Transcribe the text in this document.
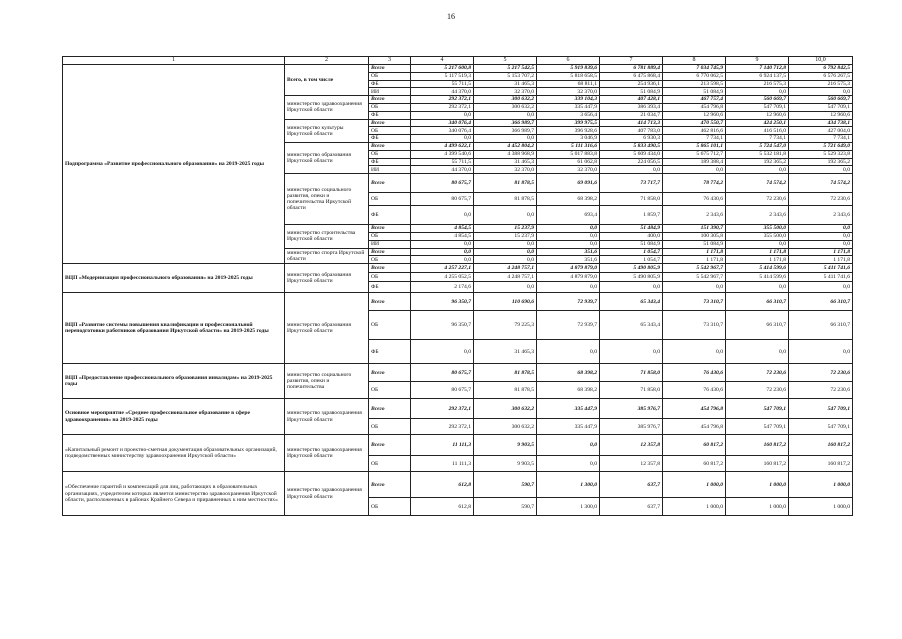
16
1	2	3	4	5	6	7	8	9	10,0
Подпрограмма «Развитие профессионального образования» на 2019-2025 годы	Всего, в том числе	Всего	5 217 600,8	5 217 542,5	5 919 839,6	6 781 889,4	7 034 745,9	7 140 712,8	6 792 842,5
		ОБ	5 117 519,3	5 153 707,2	5 818 658,5	6 475 868,4	6 770 062,5	6 924 137,5	6 576 267,5
		ФБ	55 711,5	31 465,3	68 811,1	254 936,1	213 598,5	216 575,3	216 575,3
		ИИ	44 370,0	32 370,0	32 370,0	51 084,9	51 084,9	0,0	0,0
	министерство здравоохранения Иркутской области	Всего	292 372,1	300 632,2	339 104,3	407 428,1	467 757,4	560 669,7	560 669,7
		ОБ	292 372,1	300 632,2	335 447,9	386 393,4	454 796,8	547 709,1	547 709,1
		ФБ	0,0	0,0	3 656,4	21 034,7	12 960,6	12 960,6	12 960,6
	министерство культуры Иркутской области	Всего	340 076,4	366 989,7	399 975,5	414 713,3	470 550,7	424 250,1	434 738,1
		ОБ	340 076,4	366 989,7	396 928,6	407 783,0	462 816,6	416 516,0	427 004,0
		ФБ	0,0	0,0	3 046,9	6 930,3	7 734,1	7 734,1	7 734,1
	министерство образования Иркутской области	Всего	4 499 622,1	4 452 804,2	5 111 316,6	5 833 490,5	5 865 101,1	5 724 547,0	5 721 649,0
		ОБ	4 399 540,6	4 388 968,9	5 017 883,8	5 609 434,0	5 675 712,7	5 532 181,8	5 529 323,8
		ФБ	55 711,5	31 465,3	61 062,8	224 056,5	189 388,4	192 365,2	192 365,2
		ИИ	44 370,0	32 370,0	32 370,0	0,0	0,0	0,0	0,0
	министерство социального развития, опеки и попечительства Иркутской области	Всего	80 675,7	81 878,5	69 091,6	73 717,7	78 774,2	74 574,2	74 574,2
		ОБ	80 675,7	81 878,5	68 398,2	71 858,0	76 430,6	72 230,6	72 230,6
		ФБ	0,0	0,0	693,4	1 859,7	2 343,6	2 343,6	2 343,6
	министерство строительства Иркутской области	Всего	4 854,5	15 237,9	0,0	51 484,9	151 390,7	355 500,0	0,0
		ОБ	4 854,5	15 237,9	0,0	400,0	100 305,8	355 500,0	0,0
		ИИ	0,0	0,0	0,0	51 084,9	51 084,9	0,0	0,0
	министерство спорта Иркутской области	Всего	0,0	0,0	351,6	1 054,7	1 171,8	1 171,8	1 171,8
		ОБ	0,0	0,0	351,6	1 054,7	1 171,8	1 171,8	1 171,8
ВЦП «Модернизация профессионального образования» на 2019-2025 годы	министерство образования Иркутской области	Всего	4 257 227,1	4 248 757,1	4 879 879,0	5 490 805,9	5 542 967,7	5 414 599,6	5 411 741,6
		ОБ	4 255 052,5	4 248 757,1	4 879 879,0	5 490 805,9	5 542 967,7	5 414 599,6	5 411 741,6
		ФБ	2 174,6	0,0	0,0	0,0	0,0	0,0	0,0
ВЦП «Развитие системы повышения квалификации и профессиональной переподготовки работников образования Иркутской области» на 2019-2025 годы	министерство образования Иркутской области	Всего	96 350,7	110 690,6	72 939,7	65 343,4	73 310,7	66 310,7	66 310,7
		ОБ	96 350,7	79 225,3	72 939,7	65 343,4	73 310,7	66 310,7	66 310,7
		ФБ	0,0	31 465,3	0,0	0,0	0,0	0,0	0,0
ВЦП «Предоставление профессионального образования инвалидам» на 2019-2025 годы	министерство социального развития, опеки и попечительства	Всего	80 675,7	81 878,5	68 398,2	71 858,0	76 430,6	72 230,6	72 230,6
		ОБ	80 675,7	81 878,5	68 398,2	71 858,0	76 430,6	72 230,6	72 230,6
Основное мероприятие «Среднее профессиональное образование в сфере здравоохранения» на 2019-2025 годы	министерство здравоохранения Иркутской области	Всего	292 372,1	300 632,2	335 447,9	385 976,7	454 796,8	547 709,1	547 709,1
		ОБ	292 372,1	300 632,2	335 447,9	385 976,7	454 796,8	547 709,1	547 709,1
«Капитальный ремонт и проектно-сметная документация образовательных организаций, подведомственных министерству здравоохранения Иркутской области»	министерство здравоохранения Иркутской области	Всего	11 111,3	9 903,5	0,0	12 357,8	60 817,2	160 817,2	160 817,2
		ОБ	11 111,3	9 903,5	0,0	12 357,8	60 817,2	160 817,2	160 817,2
«Обеспечение гарантий и компенсаций для лиц, работающих в образовательных организациях, учредителем которых является министерство здравоохранения Иркутской области, расположенных в районах Крайнего Севера и приравненных к ним местностях»	министерство здравоохранения Иркутской области	Всего	612,8	590,7	1 300,0	637,7	1 000,0	1 000,0	1 000,0
		ОБ	612,8	590,7	1 300,0	637,7	1 000,0	1 000,0	1 000,0
